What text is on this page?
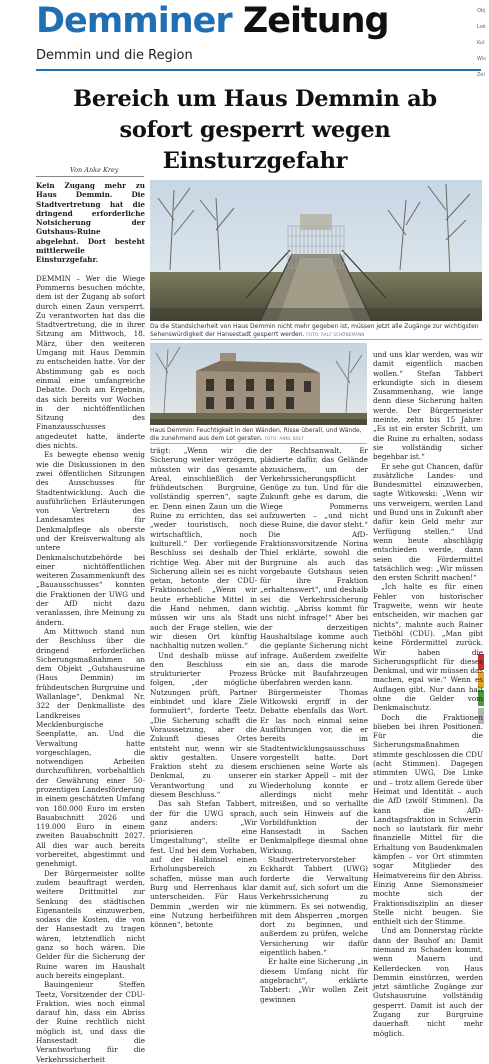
Demminer Zeitung
Demmin und die Region
Obj
Lok
Kul
Wis
Zei
Bereich um Haus Demmin ab sofort gesperrt wegen Einsturzgefahr
Von Anke Krey
Da die Standsicherheit von Haus Demmin nicht mehr gegeben ist, müssen jetzt alle Zugänge zur wichtigsten Sehenswürdigkeit der Hansestadt gesperrt werden. FOTO: RALF SCHÖNEMANN
Haus Demmin: Feuchtigkeit in den Wänden, Risse überall, und Wände, die zunehmend aus dem Lot geraten. FOTO: ANKE KREY

Kein Zugang mehr zu Haus Demmin. Die Stadtvertretung hat die dringend erforderliche Notsicherung der Gutshaus-Ruine abgelehnt. Dort besteht mittlerweile Einsturzgefahr.

DEMMIN – Wer die Wiege Pommerns besuchen möchte, dem ist der Zugang ab sofort durch einen Zaun versperrt. Zu verantworten hat das die Stadtvertretung, die in ihrer Sitzung am Mittwoch, 18. März, über den weiteren Umgang mit Haus Demmin zu entscheiden hatte. Vor der Abstimmung gab es noch einmal eine umfangreiche Debatte. Doch am Ergebnis, das sich bereits vor Wochen in der nichtöffentlichen Sitzung des Finanzausschusses angedeutet hatte, änderte dies nichts.

Es bewegte ebenso wenig wie die Diskussionen in den zwei öffentlichen Sitzungen des Ausschusses für Stadtentwicklung. Auch die ausführlichen Erläuterungen von Vertretern des Landesamtes für Denkmalpflege als oberste und der Kreisverwaltung als untere Denkmalschutzbehörde bei einer nichtöffentlichen weiteren Zusammenkunft des „Bauausschusses“ konnten die Fraktionen der UWG und der AfD nicht dazu veranlassen, ihre Meinung zu ändern.

Am Mittwoch stand nun der Beschluss über die dringend erforderlichen Sicherungsmaßnahmen an dem Objekt „Gutshausruine (Haus Demmin) im frühdeutschen Burgruine und Wallanlage“, Denkmal Nr. 322 der Denkmalliste des Landkreises Mecklenburgische Seenplatte, an. Und die Verwaltung hatte vorgeschlagen, die notwendigen Arbeiten durchzuführen, vorbehaltlich der Gewährung einer 50-prozentigen Landesförderung in einem geschätzten Umfang von 180.000 Euro im ersten Bauabschnitt 2026 und 119.000 Euro in einem zweiten Bauabschnitt 2027. All dies war auch bereits vorbereitet, abgestimmt und genehmigt.

Der Bürgermeister sollte zudem beauftragt werden, weitere Drittmittel zur Senkung des städtischen Eigenanteils einzuwerben, sodass die Kosten, die von der Hansestadt zu tragen wären, letztendlich nicht ganz so hoch wären. Die Gelder für die Sicherung der Ruine waren im Haushalt auch bereits eingeplant.

Bauingenieur Steffen Teetz, Vorsitzender der CDU-Fraktion, wies noch einmal darauf hin, dass ein Abriss der Ruine rechtlich nicht möglich ist, und dass die Hansestadt die Verantwortung für die Verkehrssicherheit

trägt: „Wenn wir die Sicherung weiter verzögern, müssten wir das gesamte Areal, einschließlich der frühdeutschen Burgruine, vollständig sperren“, sagte er. Denn einen Zaun um die Ruine zu errichten, das sei „weder touristisch, noch wirtschaftlich, noch kulturell.“ Der vorliegende Beschluss sei deshalb der richtige Weg. Aber mit der Sicherung allein sei es nicht getan, betonte der CDU-Fraktionschef: „Wenn wir heute erhebliche Mittel in die Hand nehmen, dann müssen wir uns als Stadt auch der Frage stellen, wie wir diesen Ort künftig nachhaltig nutzen wollen.“

Und deshalb müsse auf den Beschluss ein strukturierter Prozess folgen, „der mögliche Nutzungen prüft, Partner einbindet und klare Ziele formuliert“, forderte Teetz. „Die Sicherung schafft die Voraussetzung, aber die Zukunft dieses Ortes entsteht nur, wenn wir sie aktiv gestalten. Unsere Fraktion steht zu diesem Denkmal, zu unserer Verantwortung und zu diesem Beschluss.“

Das sah Stefan Tabbert, der für die UWG sprach, ganz anders: „Wir priorisieren eine Umgestaltung“, stellte er fest. Und bei dem Vorhaben, auf der Halbinsel einen Erholungsbereich zu schaffen, müsse man auch Burg und Herrenhaus klar unterscheiden. Für Haus Demmin „werden wir nie eine Nutzung herbeiführen können“, betonte

der Rechtsanwalt. Er plädierte dafür, das Gelände abzusichern, um der Verkehrssicherungspflicht Genüge zu tun. Und für die Zukunft gehe es darum, die Wiege Pommerns aufzuwerten – „und nicht diese Ruine, die davor steht.“

Die AfD-Fraktionsvorsitzende Norina Thiel erklärte, sowohl die Burgruine als auch das vorgebaute Gutshaus seien für ihre Fraktion „erhaltenswert“, und deshalb sei die Verkehrssicherung wichtig. „Abriss kommt für uns nicht infrage!“ Aber bei der derzeitigen Haushaltslage komme auch die geplante Sicherung nicht infrage. Außerdem zweifelte sie an, dass die marode Brücke mit Baufahrzeugen überfahren werden kann.

Bürgermeister Thomas Witkowski ergriff in der Debatte ebenfalls das Wort. Er las noch einmal seine Ausführungen vor, die er bereits im Stadtentwicklungsausschuss vorgestellt hatte. Dort erschienen seine Worte als ein starker Appell – mit der Wiederholung konnte er allerdings nicht mehr mitreißen, und so verhallte auch sein Hinweis auf die Vorbildfunktion der Hansestadt in Sachen Denkmalpflege diesmal ohne Wirkung.

Stadtvertretervorsteher Eckhardt Tabbert (UWG) forderte die Verwaltung damit auf, sich sofort um die Verkehrssicherung zu kümmern. Es sei notwendig, mit dem Absperren „morgen dort zu beginnen, und außerdem zu prüfen, welche Versicherung wir dafür eigentlich haben.“

Er halte eine Sicherung „in diesem Umfang nicht für angebracht“, erklärte Tabbert: „Wir wollen Zeit gewinnen

und uns klar werden, was wir damit eigentlich machen wollen.“ Stefan Tabbert erkundigte sich in diesem Zusammenhang, wie lange denn diese Sicherung halten werde. Der Bürgermeister meinte, zehn bis 15 Jahre: „Es ist ein erster Schritt, um die Ruine zu erhalten, sodass sie vollständig sicher begehbar ist.“

Er sehe gut Chancen, dafür zusätzliche Landes- und Bundesmittel einzuwerben, sagte Witkowski: „Wenn wir uns verweigern, werden Land und Bund uns in Zukunft aber dafür kein Geld mehr zur Verfügung stellen.“ Und wenn heute abschlägig entschieden werde, dann seien die Fördermittel tatsächlich weg: „Wir müssen den ersten Schritt machen!“

„Ich halte es für einen Fehler von historischer Tragweite, wenn wir heute entscheiden, wir machen gar nichts“, mahnte auch Rainer Tietböhl (CDU). „Man gibt keine Fördermittel zurück. Wir haben die Sicherungspflicht für dieses Denkmal, und wir müssen das machen, egal wie.“ Wenn es Auflagen gibt. Nur dann halt ohne die Gelder vom Denkmalschutz.

Doch die Fraktionen blieben bei ihren Positionen. Für die Sicherungsmaßnahmen stimmte geschlossen die CDU (acht Stimmen). Dagegen stimmten UWG, Die Linke und – trotz allem Gerede über Heimat und Identität – auch die AfD (zwölf Stimmen). Da kann die AfD-Landtagsfraktion in Schwerin noch so lautstark für mehr finanzielle Mittel für die Erhaltung von Baudenkmalen kämpfen – vor Ort stimmten sogar Mitglieder des Heimatvereins für den Abriss. Einzig Anne Siemonsmeier mochte sich der Fraktionsdisziplin an dieser Stelle nicht beugen. Sie enthielt sich der Stimme.

Und am Donnerstag rückte dann der Bauhof an: Damit niemand zu Schaden kommt, wenn Mauern und Kellerdecken von Haus Demmin einstürzen, werden jetzt sämtliche Zugänge zur Gutshausruine vollständig gesperrt. Damit ist auch der Zugang zur Burgruine dauerhaft nicht mehr möglich.
